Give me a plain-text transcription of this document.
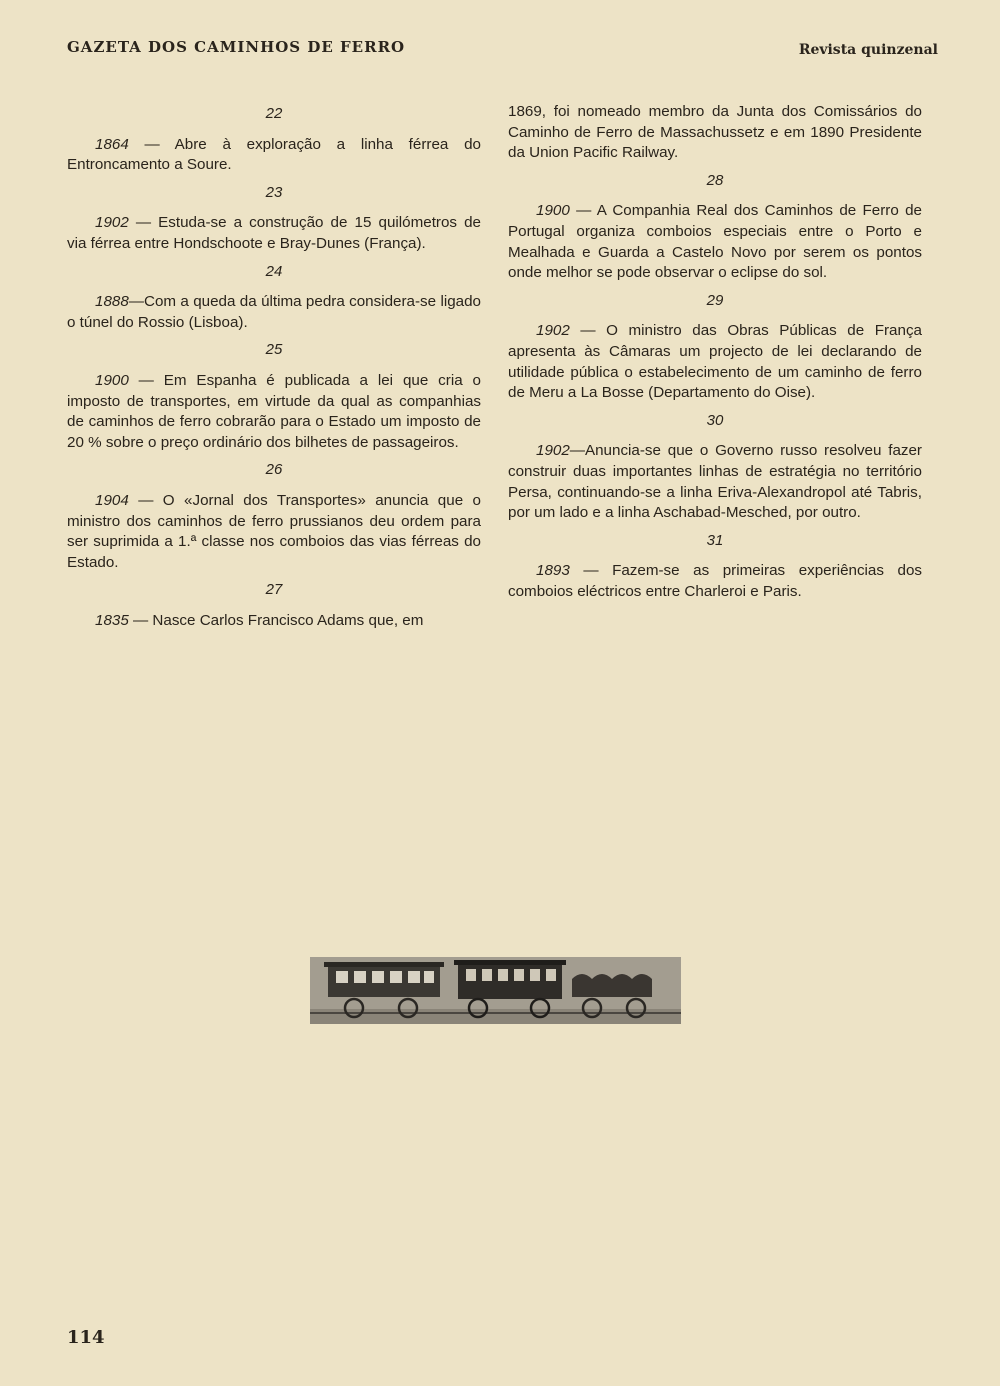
GAZETA DOS CAMINHOS DE FERRO	Revista quinzenal
22

1864 — Abre à exploração a linha férrea do Entroncamento a Soure.

23

1902 — Estuda-se a construção de 15 quilómetros de via férrea entre Hondschoote e Bray-Dunes (França).

24

1888—Com a queda da última pedra considera-se ligado o túnel do Rossio (Lisboa).

25

1900 — Em Espanha é publicada a lei que cria o imposto de transportes, em virtude da qual as companhias de caminhos de ferro cobrarão para o Estado um imposto de 20 % sobre o preço ordinário dos bilhetes de passageiros.

26

1904 — O «Jornal dos Transportes» anuncia que o ministro dos caminhos de ferro prussianos deu ordem para ser suprimida a 1.ª classe nos comboios das vias férreas do Estado.

27

1835 — Nasce Carlos Francisco Adams que, em

1869, foi nomeado membro da Junta dos Comissários do Caminho de Ferro de Massachussetz e em 1890 Presidente da Union Pacific Railway.

28

1900 — A Companhia Real dos Caminhos de Ferro de Portugal organiza comboios especiais entre o Porto e Mealhada e Guarda a Castelo Novo por serem os pontos onde melhor se pode observar o eclipse do sol.

29

1902 — O ministro das Obras Públicas de França apresenta às Câmaras um projecto de lei declarando de utilidade pública o estabelecimento de um caminho de ferro de Meru a La Bosse (Departamento do Oise).

30

1902—Anuncia-se que o Governo russo resolveu fazer construir duas importantes linhas de estratégia no território Persa, continuando-se a linha Eriva-Alexandropol até Tabris, por um lado e a linha Aschabad-Mesched, por outro.

31

1893 — Fazem-se as primeiras experiências dos comboios eléctricos entre Charleroi e Paris.

114
